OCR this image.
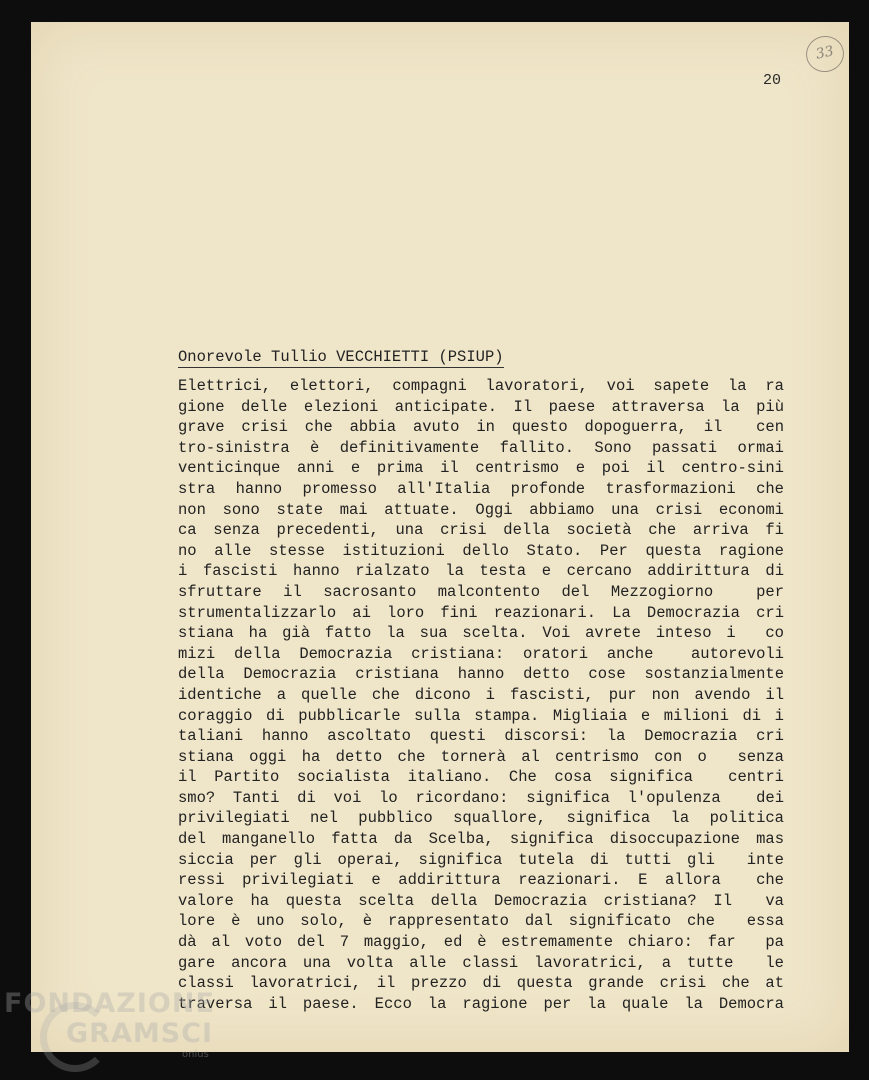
33
20
Onorevole Tullio VECCHIETTI (PSIUP)
Elettrici, elettori, compagni lavoratori, voi sapete la ra
gione delle elezioni anticipate. Il paese attraversa la più
grave crisi che abbia avuto in questo dopoguerra, il  cen
tro-sinistra è definitivamente fallito. Sono passati ormai
venticinque anni e prima il centrismo e poi il centro-sini
stra hanno promesso all'Italia profonde trasformazioni che
non sono state mai attuate. Oggi abbiamo una crisi economi
ca senza precedenti, una crisi della società che arriva fi
no alle stesse istituzioni dello Stato. Per questa ragione
i fascisti hanno rialzato la testa e cercano addirittura di
sfruttare il sacrosanto malcontento del Mezzogiorno  per
strumentalizzarlo ai loro fini reazionari. La Democrazia cri
stiana ha già fatto la sua scelta. Voi avrete inteso i  co
mizi della Democrazia cristiana: oratori anche  autorevoli
della Democrazia cristiana hanno detto cose sostanzialmente
identiche a quelle che dicono i fascisti, pur non avendo il
coraggio di pubblicarle sulla stampa. Migliaia e milioni di i
taliani hanno ascoltato questi discorsi: la Democrazia cri
stiana oggi ha detto che tornerà al centrismo con o  senza
il Partito socialista italiano. Che cosa significa  centri
smo? Tanti di voi lo ricordano: significa l'opulenza  dei
privilegiati nel pubblico squallore, significa la politica
del manganello fatta da Scelba, significa disoccupazione mas
siccia per gli operai, significa tutela di tutti gli  inte
ressi privilegiati e addirittura reazionari. E allora  che
valore ha questa scelta della Democrazia cristiana? Il  va
lore è uno solo, è rappresentato dal significato che  essa
dà al voto del 7 maggio, ed è estremamente chiaro: far  pa
gare ancora una volta alle classi lavoratrici, a tutte  le
classi lavoratrici, il prezzo di questa grande crisi che at
traversa il paese. Ecco la ragione per la quale la Democra
FONDAZIONE
GRAMSCI
onlus
